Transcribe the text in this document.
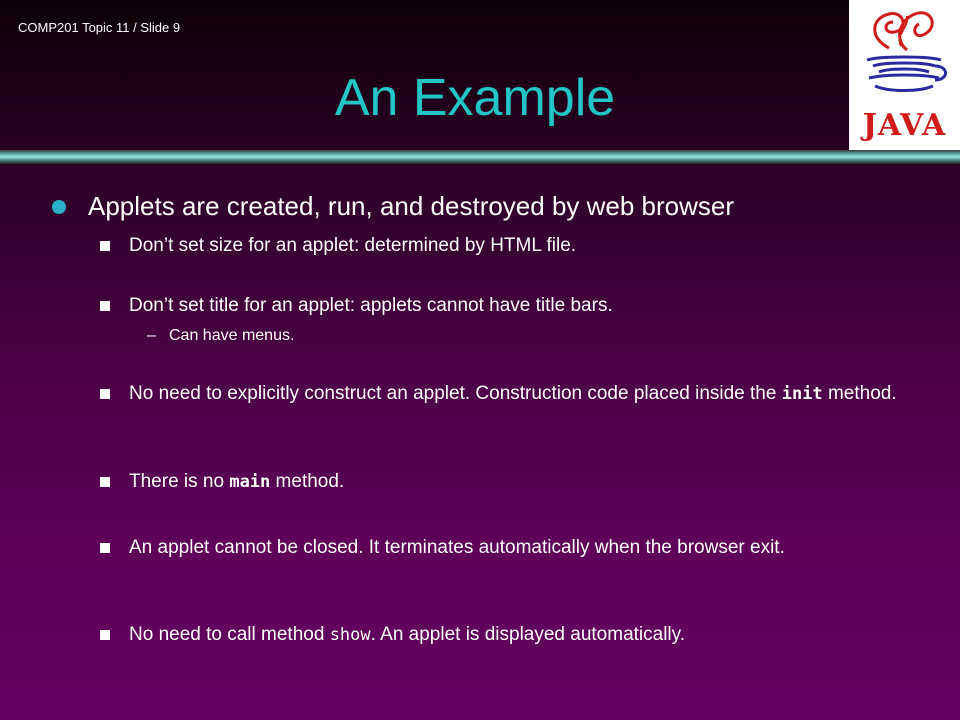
COMP201 Topic 11 / Slide 9
An Example	JAVA
Applets are created, run, and destroyed by web browser
Don’t set size for an applet: determined by HTML file.
Don’t set title for an applet: applets cannot have title bars.
– Can have menus.
No need to explicitly construct an applet. Construction code placed inside the init method.
There is no main method.
An applet cannot be closed. It terminates automatically when the browser exit.
No need to call method show. An applet is displayed automatically.
